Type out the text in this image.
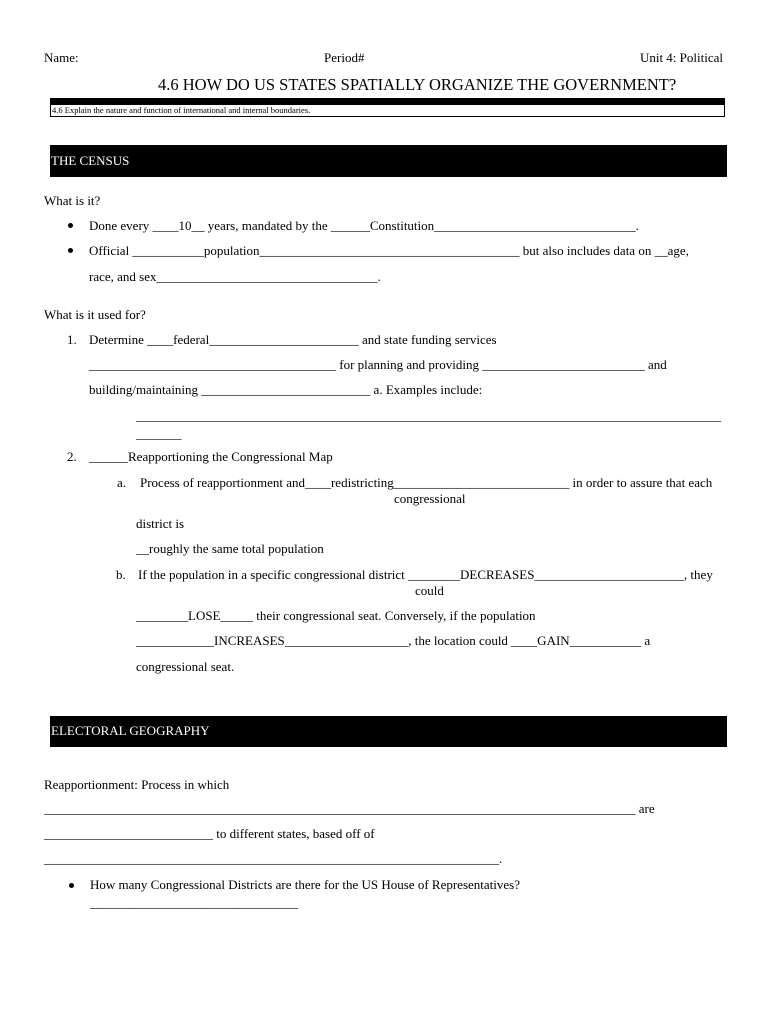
Name:	Period#	Unit 4: Political
4.6 HOW DO US STATES SPATIALLY ORGANIZE THE GOVERNMENT?
4.6 Explain the nature and function of international and internal boundaries.
THE CENSUS
What is it?
Done every ____10__ years, mandated by the ______Constitution_______________________________.
Official ___________population________________________________________ but also includes data on __age,
race, and sex__________________________________.
What is it used for?
1. Determine ____federal_______________________ and state funding services
______________________________________ for planning and providing _________________________ and
building/maintaining __________________________ a. Examples include:
__________________________________________________________________________________________
_______
2. ______Reapportioning the Congressional Map
a. Process of reapportionment and____redistricting___________________________ in order to assure that each
congressional
district is
__roughly the same total population
b. If the population in a specific congressional district ________DECREASES_______________________, they
could
________LOSE_____ their congressional seat. Conversely, if the population
____________INCREASES___________________, the location could ____GAIN___________ a
congressional seat.
ELECTORAL GEOGRAPHY
Reapportionment: Process in which
___________________________________________________________________________________________ are
__________________________ to different states, based off of
______________________________________________________________________.
How many Congressional Districts are there for the US House of Representatives?
________________________________
